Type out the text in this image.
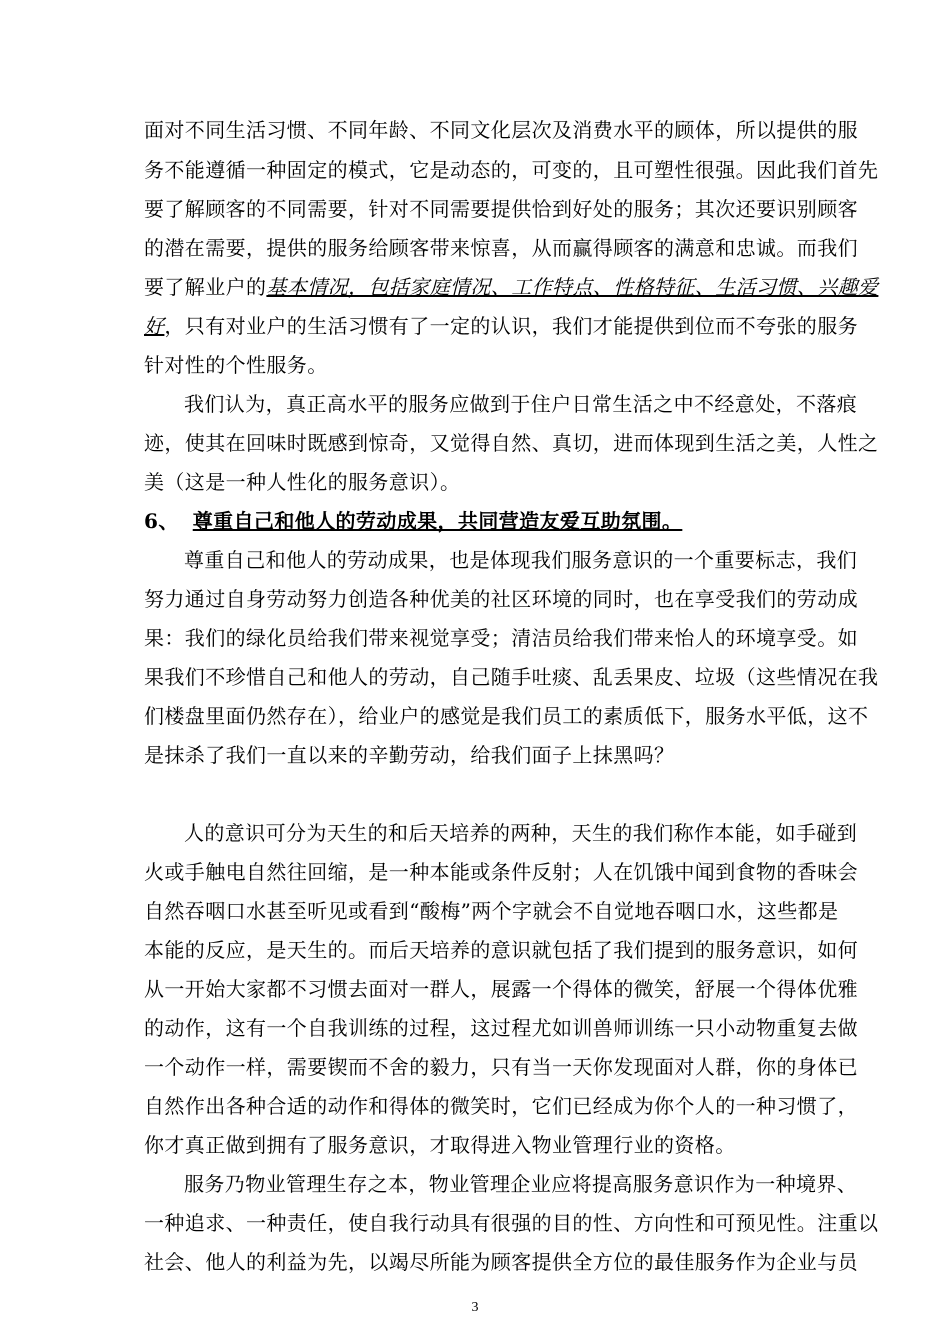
面对不同生活习惯、不同年龄、不同文化层次及消费水平的顾体，所以提供的服
务不能遵循一种固定的模式，它是动态的，可变的，且可塑性很强。因此我们首先
要了解顾客的不同需要，针对不同需要提供恰到好处的服务；其次还要识别顾客
的潜在需要，提供的服务给顾客带来惊喜，从而赢得顾客的满意和忠诚。而我们
要了解业户的基本情况，包括家庭情况、工作特点、性格特征、生活习惯、兴趣爱
好，只有对业户的生活习惯有了一定的认识，我们才能提供到位而不夸张的服务
针对性的个性服务。
我们认为，真正高水平的服务应做到于住户日常生活之中不经意处，不落痕
迹，使其在回味时既感到惊奇，又觉得自然、真切，进而体现到生活之美，人性之
美（这是一种人性化的服务意识）。
6、 尊重自己和他人的劳动成果，共同营造友爱互助氛围。
尊重自己和他人的劳动成果，也是体现我们服务意识的一个重要标志，我们
努力通过自身劳动努力创造各种优美的社区环境的同时，也在享受我们的劳动成
果：我们的绿化员给我们带来视觉享受；清洁员给我们带来怡人的环境享受。如
果我们不珍惜自己和他人的劳动，自己随手吐痰、乱丢果皮、垃圾（这些情况在我
们楼盘里面仍然存在），给业户的感觉是我们员工的素质低下，服务水平低，这不
是抹杀了我们一直以来的辛勤劳动，给我们面子上抹黑吗？
人的意识可分为天生的和后天培养的两种，天生的我们称作本能，如手碰到
火或手触电自然往回缩，是一种本能或条件反射；人在饥饿中闻到食物的香味会
自然吞咽口水甚至听见或看到“酸梅”两个字就会不自觉地吞咽口水，这些都是
本能的反应，是天生的。而后天培养的意识就包括了我们提到的服务意识，如何
从一开始大家都不习惯去面对一群人，展露一个得体的微笑，舒展一个得体优雅
的动作，这有一个自我训练的过程，这过程尤如训兽师训练一只小动物重复去做
一个动作一样，需要锲而不舍的毅力，只有当一天你发现面对人群，你的身体已
自然作出各种合适的动作和得体的微笑时，它们已经成为你个人的一种习惯了，
你才真正做到拥有了服务意识，才取得进入物业管理行业的资格。
服务乃物业管理生存之本，物业管理企业应将提高服务意识作为一种境界、
一种追求、一种责任，使自我行动具有很强的目的性、方向性和可预见性。注重以
社会、他人的利益为先，以竭尽所能为顾客提供全方位的最佳服务作为企业与员
3
